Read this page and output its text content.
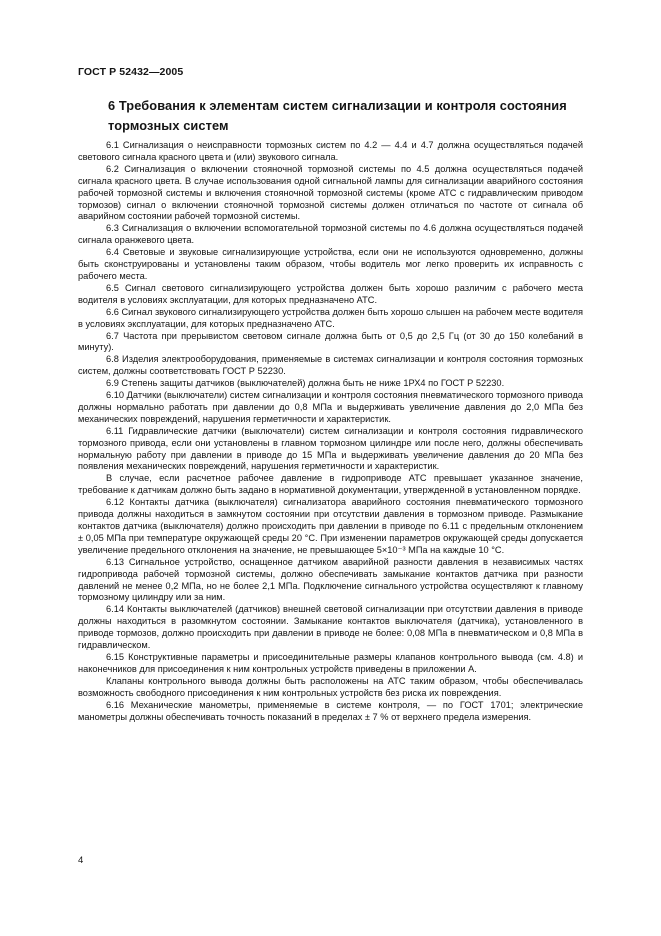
ГОСТ Р 52432—2005
6 Требования к элементам систем сигнализации и контроля состояния тормозных систем

6.1 Сигнализация о неисправности тормозных систем по 4.2 — 4.4 и 4.7 должна осуществляться подачей светового сигнала красного цвета и (или) звукового сигнала.

6.2 Сигнализация о включении стояночной тормозной системы по 4.5 должна осуществляться подачей сигнала красного цвета. В случае использования одной сигнальной лампы для сигнализации аварийного состояния рабочей тормозной системы и включения стояночной тормозной системы (кроме АТС с гидравлическим приводом тормозов) сигнал о включении стояночной тормозной системы должен отличаться по частоте от сигнала об аварийном состоянии рабочей тормозной системы.

6.3 Сигнализация о включении вспомогательной тормозной системы по 4.6 должна осуществляться подачей сигнала оранжевого цвета.

6.4 Световые и звуковые сигнализирующие устройства, если они не используются одновременно, должны быть сконструированы и установлены таким образом, чтобы водитель мог легко проверить их исправность с рабочего места.

6.5 Сигнал светового сигнализирующего устройства должен быть хорошо различим с рабочего места водителя в условиях эксплуатации, для которых предназначено АТС.

6.6 Сигнал звукового сигнализирующего устройства должен быть хорошо слышен на рабочем месте водителя в условиях эксплуатации, для которых предназначено АТС.

6.7 Частота при прерывистом световом сигнале должна быть от 0,5 до 2,5 Гц (от 30 до 150 колебаний в минуту).

6.8 Изделия электрооборудования, применяемые в системах сигнализации и контроля состояния тормозных систем, должны соответствовать ГОСТ Р 52230.

6.9 Степень защиты датчиков (выключателей) должна быть не ниже 1РХ4 по ГОСТ Р 52230.

6.10 Датчики (выключатели) систем сигнализации и контроля состояния пневматического тормозного привода должны нормально работать при давлении до 0,8 МПа и выдерживать увеличение давления до 2,0 МПа без механических повреждений, нарушения герметичности и характеристик.

6.11 Гидравлические датчики (выключатели) систем сигнализации и контроля состояния гидравлического тормозного привода, если они установлены в главном тормозном цилиндре или после него, должны обеспечивать нормальную работу при давлении в приводе до 15 МПа и выдерживать увеличение давления до 20 МПа без появления механических повреждений, нарушения герметичности и характеристик.

В случае, если расчетное рабочее давление в гидроприводе АТС превышает указанное значение, требование к датчикам должно быть задано в нормативной документации, утвержденной в установленном порядке.

6.12 Контакты датчика (выключателя) сигнализатора аварийного состояния пневматического тормозного привода должны находиться в замкнутом состоянии при отсутствии давления в тормозном приводе. Размыкание контактов датчика (выключателя) должно происходить при давлении в приводе по 6.11 с предельным отклонением ± 0,05 МПа при температуре окружающей среды 20 °С. При изменении параметров окружающей среды допускается увеличение предельного отклонения на значение, не превышающее 5×10⁻³ МПа на каждые 10 °С.

6.13 Сигнальное устройство, оснащенное датчиком аварийной разности давления в независимых частях гидропривода рабочей тормозной системы, должно обеспечивать замыкание контактов датчика при разности давлений не менее 0,2 МПа, но не более 2,1 МПа. Подключение сигнального устройства осуществляют к главному тормозному цилиндру или за ним.

6.14 Контакты выключателей (датчиков) внешней световой сигнализации при отсутствии давления в приводе должны находиться в разомкнутом состоянии. Замыкание контактов выключателя (датчика), установленного в приводе тормозов, должно происходить при давлении в приводе не более: 0,08 МПа в пневматическом и 0,8 МПа в гидравлическом.

6.15 Конструктивные параметры и присоединительные размеры клапанов контрольного вывода (см. 4.8) и наконечников для присоединения к ним контрольных устройств приведены в приложении А.

Клапаны контрольного вывода должны быть расположены на АТС таким образом, чтобы обеспечивалась возможность свободного присоединения к ним контрольных устройств без риска их повреждения.

6.16 Механические манометры, применяемые в системе контроля, — по ГОСТ 1701; электрические манометры должны обеспечивать точность показаний в пределах ± 7 % от верхнего предела измерения.

4
